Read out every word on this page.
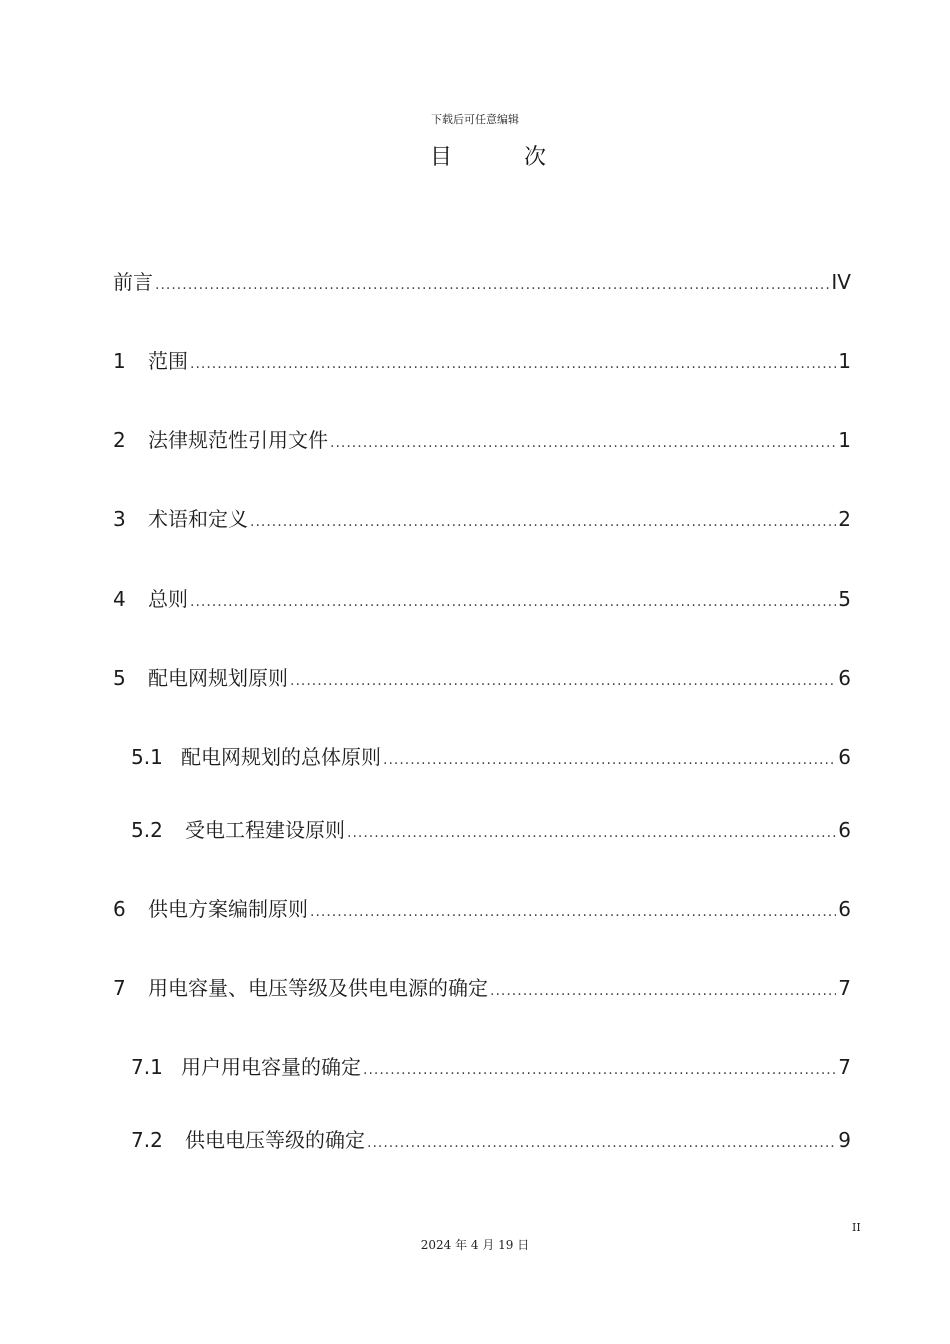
下载后可任意编辑
目	次
前言 .....	IV
1	范围 .....	1
2	法律规范性引用文件 .....	1
3	术语和定义 .....	2
4	总则 .....	5
5	配电网规划原则 .....	6
5.1 配电网规划的总体原则 .....	6
5.2	受电工程建设原则 .....	6
6	供电方案编制原则 .....	6
7	用电容量、电压等级及供电电源的确定 .....	7
7.1 用户用电容量的确定 .....	7
7.2	供电电压等级的确定 .....	9
II
2024 年 4 月 19 日
